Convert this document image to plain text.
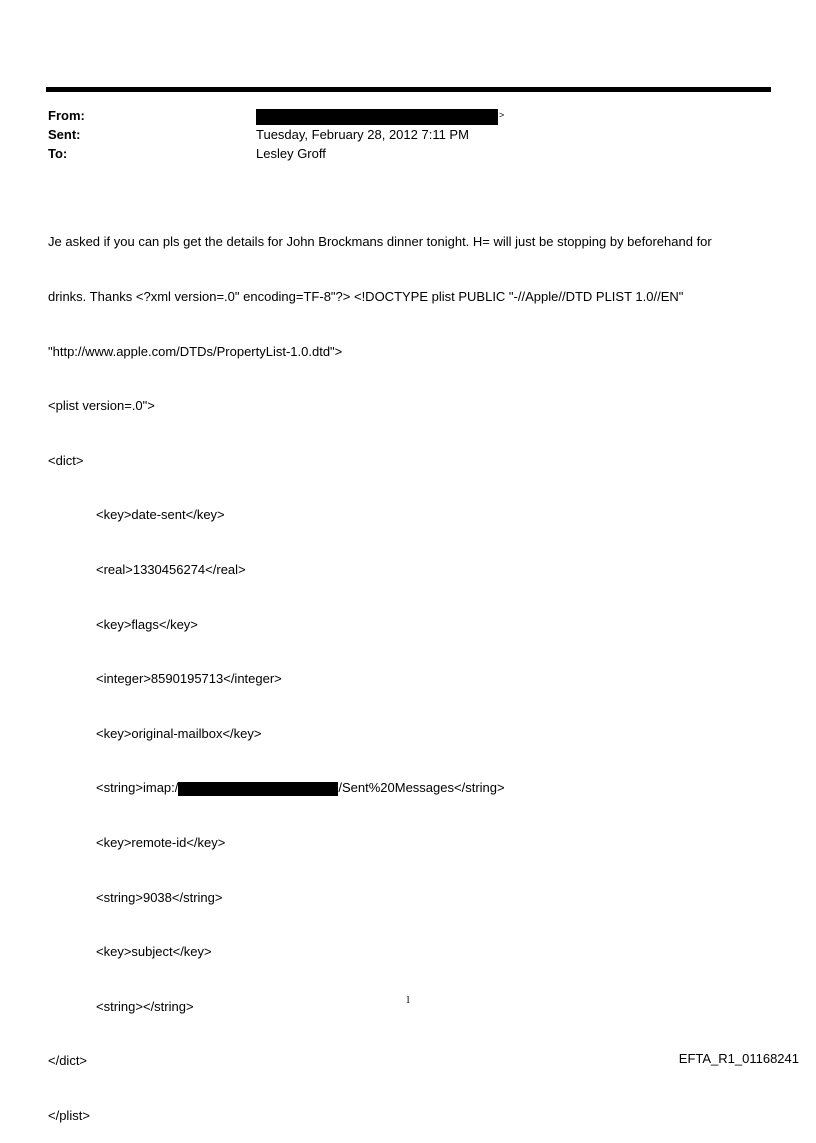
From:	>
Sent:	Tuesday, February 28, 2012 7:11 PM
To:	Lesley Groff

Je asked if you can pls get the details for John Brockmans dinner tonight. H= will just be stopping by beforehand for

drinks. Thanks <?xml version=.0" encoding=TF-8"?> <!DOCTYPE plist PUBLIC "-//Apple//DTD PLIST 1.0//EN"

"http://www.apple.com/DTDs/PropertyList-1.0.dtd">

<plist version=.0">

<dict>

<key>date-sent</key>

<real>1330456274</real>

<key>flags</key>

<integer>8590195713</integer>

<key>original-mailbox</key>

<string>imap:/	/Sent%20Messages</string>

<key>remote-id</key>

<string>9038</string>

<key>subject</key>

<string></string>

</dict>

</plist>

1
EFTA_R1_01168241
